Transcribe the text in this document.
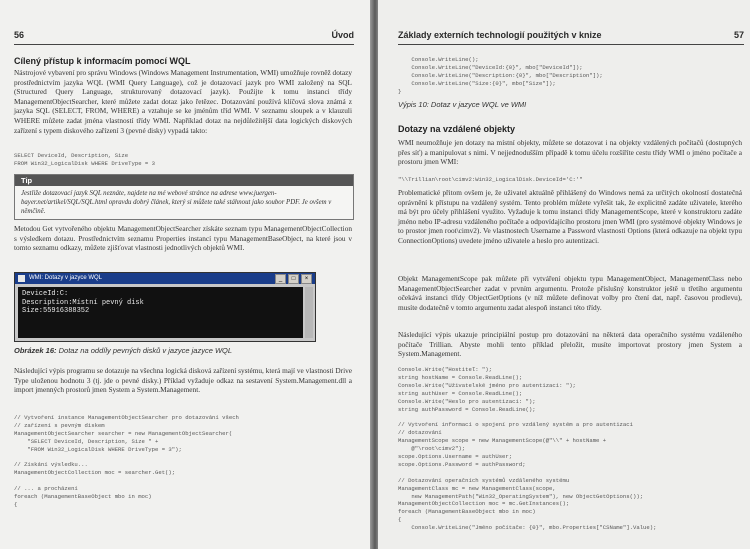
56	Úvod
Cílený přístup k informacím pomocí WQL
Nástrojové vybavení pro správu Windows (Windows Management Instrumentation, WMI) umožňuje rovněž dotazy prostřednictvím jazyka WQL (WMI Query Language), což je dotazovací jazyk pro WMI založený na SQL (Structured Query Language, strukturovaný dotazovací jazyk). Použijte k tomu instanci třídy ManagementObjectSearcher, které můžete zadat dotaz jako řetězec. Dotazování používá klíčová slova známá z jazyka SQL (SELECT, FROM, WHERE) a vztahuje se ke jménům tříd WMI. V seznamu sloupek a v klauzuli WHERE můžete zadat jména vlastností třídy WMI. Například dotaz na nejdůležitější data logických diskových zařízení s typem diskového zařízení 3 (pevné disky) vypadá takto:
SELECT DeviceId, Description, Size
FROM Win32_LogicalDisk WHERE DriveType = 3
Tip
Jestliže dotazovací jazyk SQL neznáte, najdete na mé webové stránce na adrese www.juergen-bayer.net/artikel/SQL/SQL.html opravdu dobrý článek, který si můžete také stáhnout jako soubor PDF. Je ovšem v němčině.
Metodou Get vytvořeného objektu ManagementObjectSearcher získáte seznam typu ManagementObjectCollection s výsledkem dotazu. Prostřednictvím seznamu Properties instancí typu ManagementBaseObject, na které jsou v tomto seznamu odkazy, můžete zjišťovat vlastnosti jednotlivých objektů WMI.
WMI: Dotazy v jazyce WQL	_	□	×
DeviceId:C:
Description:Místní pevný disk
Size:55916388352
Obrázek 16: Dotaz na oddíly pevných disků v jazyce jazyce WQL
Následující výpis programu se dotazuje na všechna logická disková zařízení systému, která mají ve vlastnosti Drive Type uloženou hodnotu 3 (tj. jde o pevné disky.) Příklad vyžaduje odkaz na sestavení System.Management.dll a import jmenných prostorů jmen System a System.Management.
// Vytvoření instance ManagementObjectSearcher pro dotazování všech
// zařízení s pevným diskem
ManagementObjectSearcher searcher = new ManagementObjectSearcher(
"SELECT DeviceId, Description, Size " +
"FROM Win32_LogicalDisk WHERE DriveType = 3");

// Získání výsledku...
ManagementObjectCollection moc = searcher.Get();

// ... a procházení
foreach (ManagementBaseObject mbo in moc)
{
Základy externích technologií použitých v knize	57
Console.WriteLine();
Console.WriteLine("DeviceId:{0}", mbo["DeviceId"]);
Console.WriteLine("Description:{0}", mbo["Description"]);
Console.WriteLine("Size:{0}", mbo["Size"]);
}
Výpis 10: Dotaz v jazyce WQL ve WMI
Dotazy na vzdálené objekty
WMI neumožňuje jen dotazy na místní objekty, můžete se dotazovat i na objekty vzdálených počítačů (dostupných přes síť) a manipulovat s nimi. V nejjednodušším případě k tomu účelu rozšíříte cestu třídy WMI o jméno počítače a prostoru jmen WMI:
"\\Trillian\root\cimv2:Win32_LogicalDisk.DeviceId='C:'"
Problematické přitom ovšem je, že uživatel aktuálně přihlášený do Windows nemá za určitých okolností dostatečná oprávnění k přístupu na vzdálený systém. Tento problém můžete vyřešit tak, že explicitně zadáte uživatele, kterého má být pro účely přihlášení využito. Vyžaduje k tomu instanci třídy ManagementScope, které v konstruktoru zadáte jméno nebo IP-adresu vzdáleného počítače a odpovídajícího prostoru jmen WMI (pro systémové objekty Windows je to prostor jmen root\cimv2). Ve vlastnostech Username a Password vlastnosti Options (která odkazuje na objekt typu ConnectionOptions) uvedete jméno uživatele a heslo pro autentizaci.
Objekt ManagementScope pak můžete při vytváření objektu typu ManagementObject, ManagementClass nebo ManagementObjectSearcher zadat v prvním argumentu. Protože příslušný konstruktor ještě u třetího argumentu očekává instanci třídy ObjectGetOptions (v níž můžete definovat volby pro čtení dat, např. časovou prodlevu), musíte dodatečně v tomto argumentu zadat alespoň instanci této třídy.
Následující výpis ukazuje principiální postup pro dotazování na některá data operačního systému vzdáleného počítače Trillian. Abyste mohli tento příklad přeložit, musíte importovat prostory jmen System a System.Management.
Console.Write("Hostiteľ: ");
string hostName = Console.ReadLine();
Console.Write("Uživatelské jméno pro autentizaci: ");
string authUser = Console.ReadLine();
Console.Write("Heslo pro autentizaci: ");
string authPassword = Console.ReadLine();

// Vytvoření informací o spojení pro vzdálený systém a pro autentizaci
// dotazování
ManagementScope scope = new ManagementScope(@"\\" + hostName +
@"\root\cimv2");
scope.Options.Username = authUser;
scope.Options.Password = authPassword;

// Dotazování operačních systémů vzdáleného systému
ManagementClass mc = new ManagementClass(scope,
new ManagementPath("Win32_OperatingSystem"), new ObjectGetOptions());
ManagementObjectCollection moc = mc.GetInstances();
foreach (ManagementBaseObject mbo in moc)
{
Console.WriteLine("Jméno počítače: {0}", mbo.Properties["CSName"].Value);
